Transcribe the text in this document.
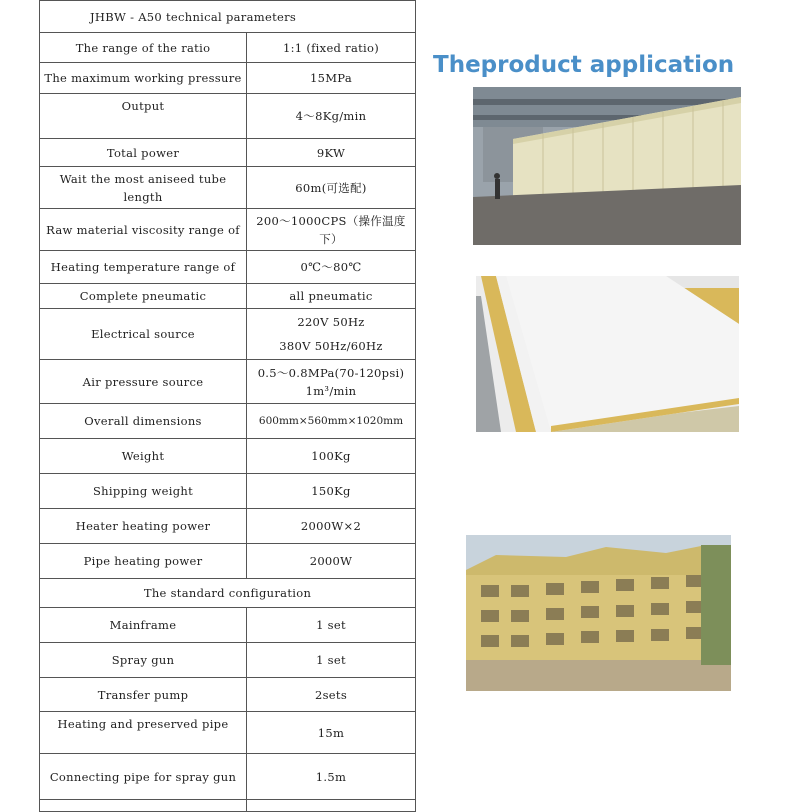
JHBW - A50 technical parameters	
The range of the ratio	1:1 (fixed ratio)
The maximum working pressure	15MPa
Output	4～8Kg/min
Total power	9KW
Wait the most aniseed tube length	60m(可选配)
Raw material viscosity range of	200～1000CPS（操作温度下）
Heating temperature range of	0℃～80℃
Complete pneumatic	all pneumatic
Electrical source	220V 50Hz
380V 50Hz/60Hz

Air pressure source	0.5～0.8MPa(70-120psi) 1m³/min
Overall dimensions	600mm×560mm×1020mm
Weight	100Kg
Shipping weight	150Kg
Heater heating power	2000W×2
Pipe heating power	2000W
The standard configuration	
Mainframe	1 set
Spray gun	1 set
Transfer pump	2sets
Heating and preserved pipe	15m
Connecting pipe for spray gun	1.5m

Theproduct application
